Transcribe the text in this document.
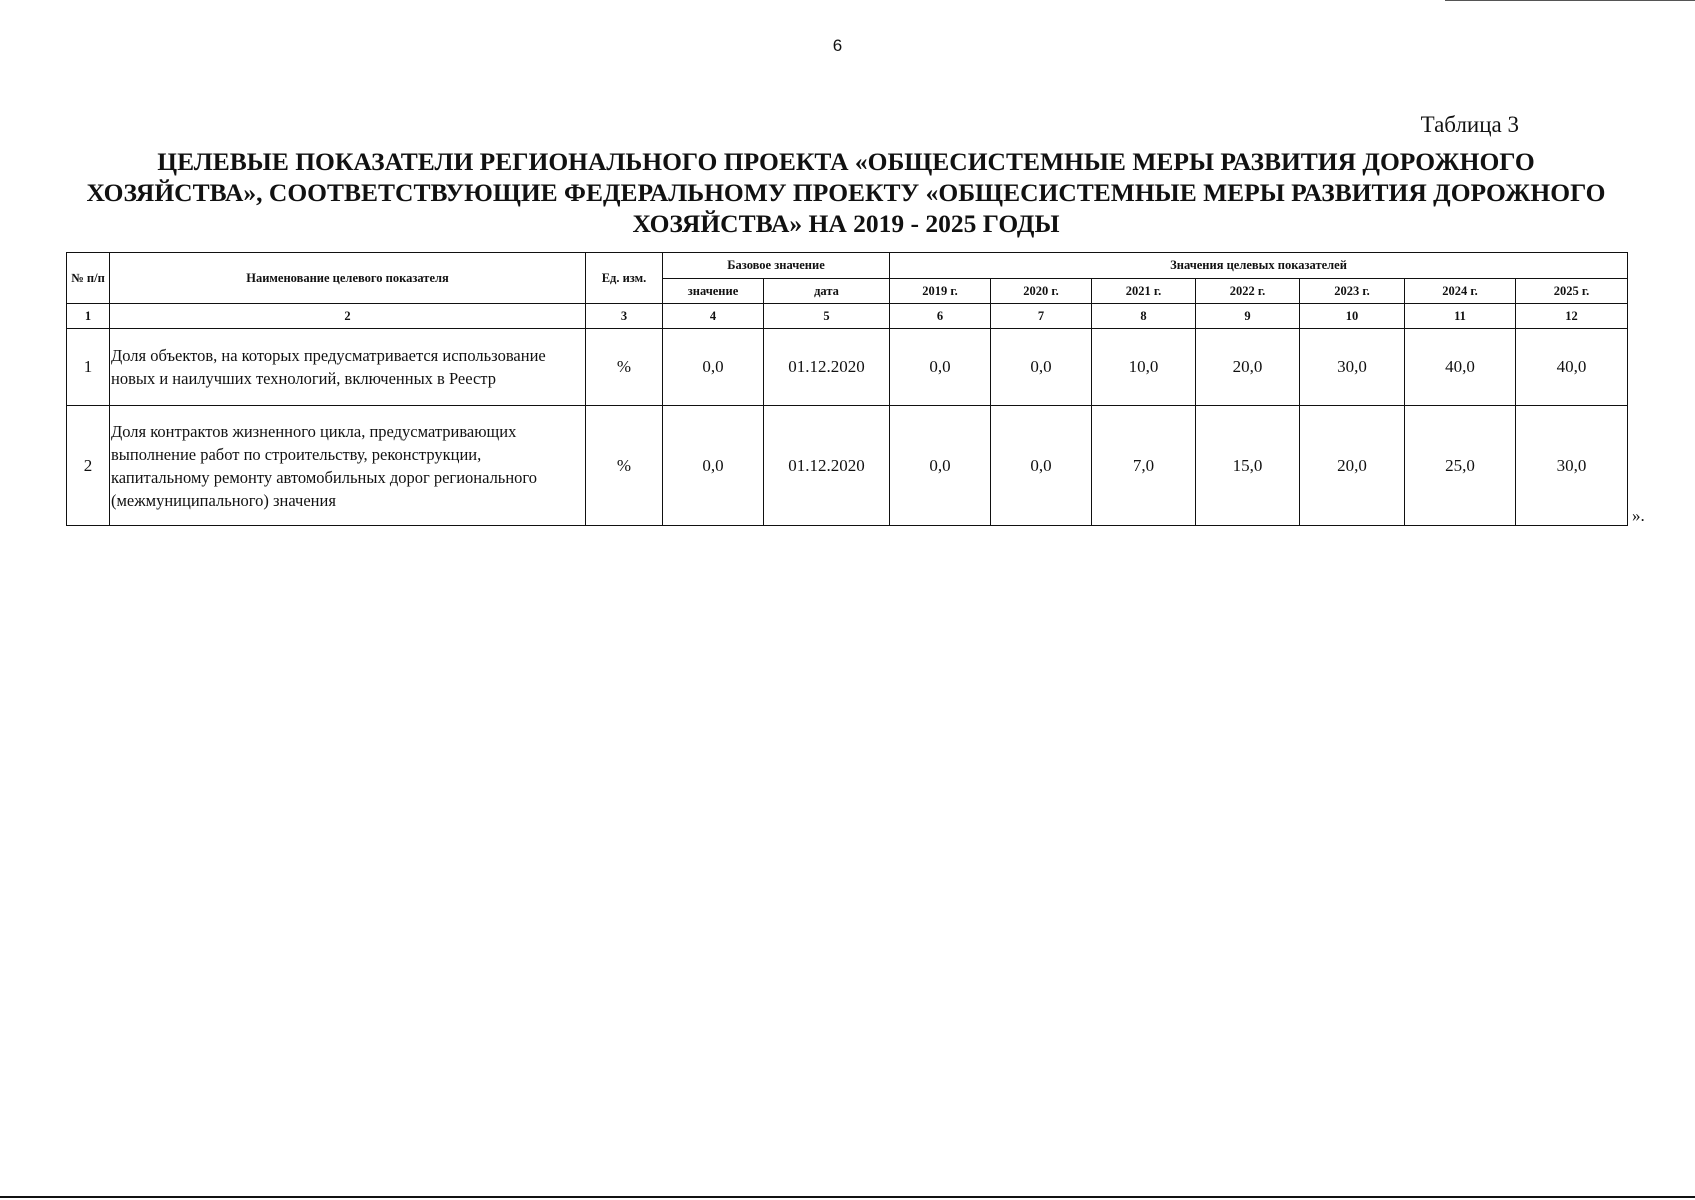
6
Таблица 3
ЦЕЛЕВЫЕ ПОКАЗАТЕЛИ РЕГИОНАЛЬНОГО ПРОЕКТА «ОБЩЕСИСТЕМНЫЕ МЕРЫ РАЗВИТИЯ ДОРОЖНОГО
ХОЗЯЙСТВА», СООТВЕТСТВУЮЩИЕ ФЕДЕРАЛЬНОМУ ПРОЕКТУ «ОБЩЕСИСТЕМНЫЕ МЕРЫ РАЗВИТИЯ ДОРОЖНОГО
ХОЗЯЙСТВА» НА 2019 - 2025 ГОДЫ
№ п/п	Наименование целевого показателя	Ед. изм.	Базовое значение		Значения целевых показателей						
			значение	дата	2019 г.	2020 г.	2021 г.	2022 г.	2023 г.	2024 г.	2025 г.
1	2	3	4	5	6	7	8	9	10	11	12
1	Доля объектов, на которых предусматривается использование новых и наилучших технологий, включенных в Реестр	%	0,0	01.12.2020	0,0	0,0	10,0	20,0	30,0	40,0	40,0
2	Доля контрактов жизненного цикла, предусматривающих выполнение работ по строительству, реконструкции, капитальному ремонту автомобильных дорог регионального (межмуниципального) значения	%	0,0	01.12.2020	0,0	0,0	7,0	15,0	20,0	25,0	30,0
».
